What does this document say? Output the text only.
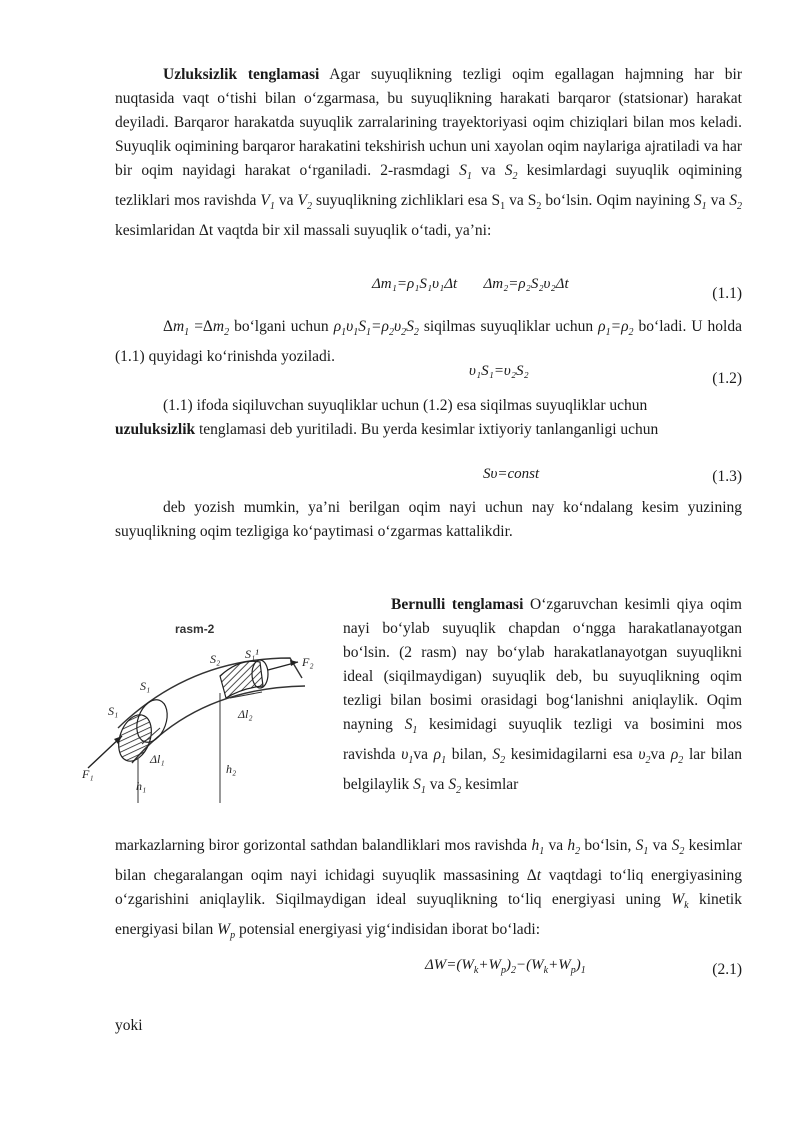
Uzluksizlik tenglamasi Agar suyuqlikning tezligi oqim egallagan hajmning har bir nuqtasida vaqt o‘tishi bilan o‘zgarmasa, bu suyuqlikning harakati barqaror (statsionar) harakat deyiladi. Barqaror harakatda suyuqlik zarralarining trayektoriyasi oqim chiziqlari bilan mos keladi. Suyuqlik oqimining barqaror harakatini tekshirish uchun uni xayolan oqim naylariga ajratiladi va har bir oqim nayidagi harakat o‘rganiladi. 2-rasmdagi $S_1$ va $S_2$ kesimlardagi suyuqlik oqimining tezliklari mos ravishda $V_1$ va $V_2$ suyuqlikning zichliklari esa $S_1$ va $S_2$ bo‘lsin. Oqim nayining $S_1$ va $S_2$ kesimlaridan Δt vaqtda bir xil massali suyuqlik o‘tadi, ya’ni:

Δm₁=ρ₁S₁υ₁Δt Δm₂=ρ₂S₂υ₂Δt
(1.1)

$\Delta m_1 =\Delta m_2$ bo‘lgani uchun $\rho_1\upsilon_1S_1=\rho_2\upsilon_2S_2$ siqilmas suyuqliklar uchun $\rho_1=\rho_2$ bo‘ladi. U holda (1.1) quyidagi ko‘rinishda yoziladi.

υ₁S₁=υ₂S₂	(1.2)

(1.1) ifoda siqiluvchan suyuqliklar uchun (1.2) esa siqilmas suyuqliklar uchun uzuluksizlik tenglamasi deb yuritiladi. Bu yerda kesimlar ixtiyoriy tanlanganligi uchun

Sυ=const	(1.3)

deb yozish mumkin, ya’ni berilgan oqim nayi uchun nay ko‘ndalang kesim yuzining suyuqlikning oqim tezligiga ko‘paytimasi o‘zgarmas kattalikdir.

rasm-2
S₂ S₁¹
F₂
S₁
S₁	Δl₂
Δl₁
F₁
h₁
h₂

Bernulli tenglamasi O‘zgaruvchan kesimli qiya oqim nayi bo‘ylab suyuqlik chapdan o‘ngga harakatlanayotgan bo‘lsin. (2 rasm) nay bo‘ylab harakatlanayotgan suyuqlikni ideal (siqilmaydigan) suyuqlik deb, bu suyuqlikning oqim tezligi bilan bosimi orasidagi bog‘lanishni aniqlaylik. Oqim nayning $S_1$ kesimidagi suyuqlik tezligi va bosimini mos ravishda $\upsilon_1va$ $\rho_1$ bilan, $S_2$ kesimidagilarni esa $\upsilon_2va$ $\rho_2$ lar bilan belgilaylik $S_1$ va $S_2$ kesimlar

markazlarning biror gorizontal sathdan balandliklari mos ravishda $h_1$ va $h_2$ bo‘lsin, $S_1$ va $S_2$ kesimlar bilan chegaralangan oqim nayi ichidagi suyuqlik massasining Δt vaqtdagi to‘liq energiyasining o‘zgarishini aniqlaylik. Siqilmaydigan ideal suyuqlikning to‘liq energiyasi uning $W_k$ kinetik energiyasi bilan $W_p$ potensial energiyasi yig‘indisidan iborat bo‘ladi:

$\Delta W=(W_k+W_p)_2-(W_k+W_p)_1$	(2.1)

yoki
